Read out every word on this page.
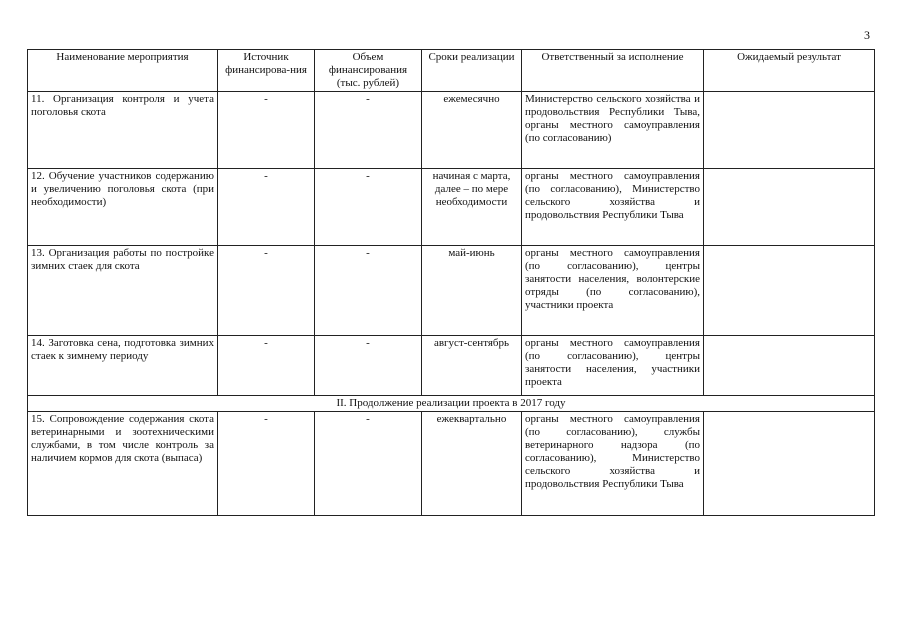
3
Наименование мероприятия	Источник финансирова-ния	Объем финансирования (тыс. рублей)	Сроки реализации	Ответственный за исполнение	Ожидаемый результат
11. Организация контроля и учета поголовья скота	-	-	ежемесячно	Министерство сельского хозяйства и продовольствия Республики Тыва, органы местного самоуправления (по согласованию)	
12. Обучение участников содержанию и увеличению поголовья скота (при необходимости)	-	-	начиная с марта, далее – по мере необходимости	органы местного самоуправления (по согласованию), Министерство сельского хозяйства и продовольствия Республики Тыва	
13. Организация работы по постройке зимних стаек для скота	-	-	май-июнь	органы местного самоуправления (по согласованию), центры занятости населения, волонтерские отряды (по согласованию), участники проекта	
14. Заготовка сена, подготовка зимних стаек к зимнему периоду	-	-	август-сентябрь	органы местного самоуправления (по согласованию), центры занятости населения, участники проекта	
II. Продолжение реализации проекта в 2017 году					
15. Сопровождение содержания скота ветеринарными и зоотехническими службами, в том числе контроль за наличием кормов для скота (выпаса)	-	-	ежеквартально	органы местного самоуправления (по согласованию), службы ветеринарного надзора (по согласованию), Министерство сельского хозяйства и продовольствия Республики Тыва	
